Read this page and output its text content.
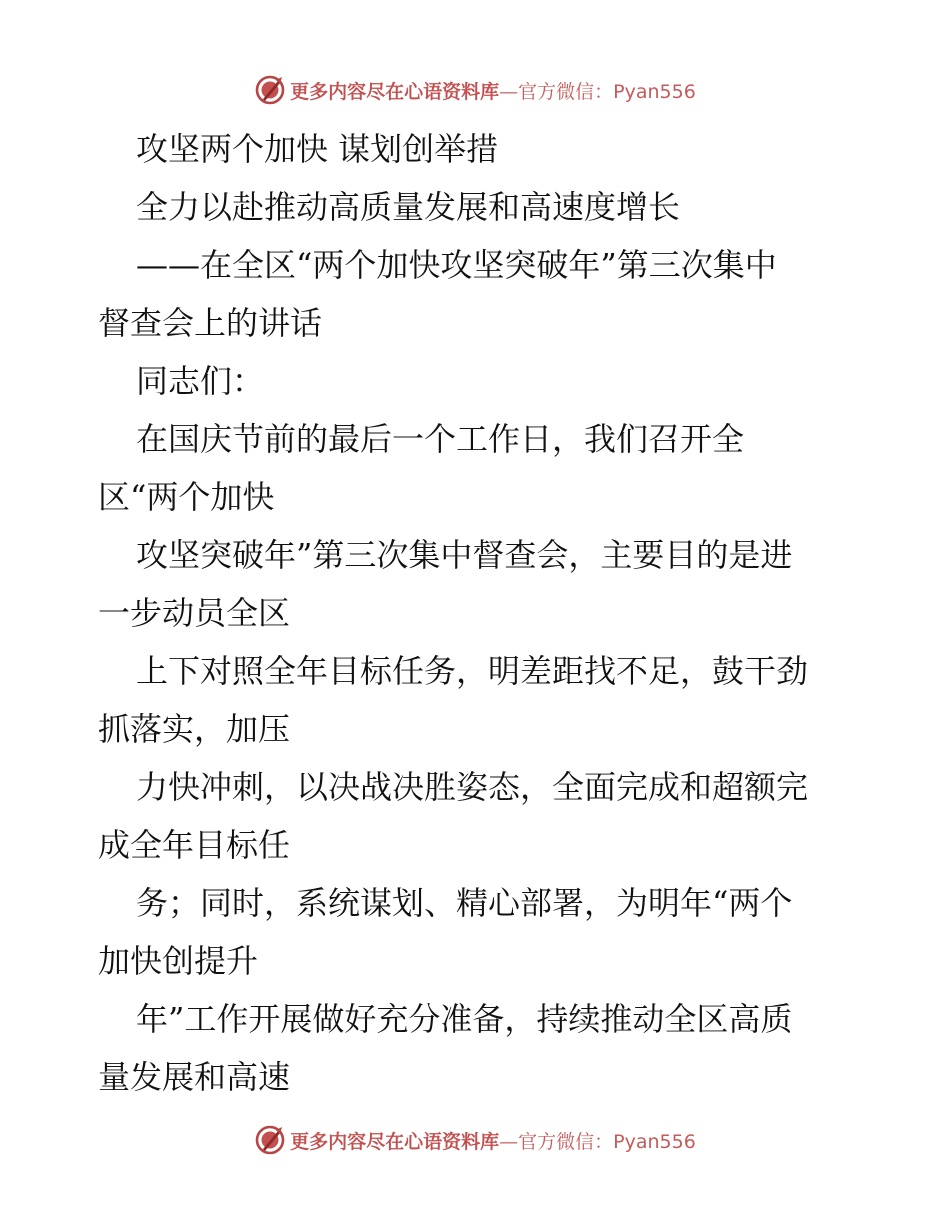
更多内容尽在心语资料库—官方微信：Pyan556
攻坚两个加快 谋划创举措
全力以赴推动高质量发展和高速度增长
——在全区“两个加快攻坚突破年”第三次集中
督查会上的讲话
同志们：
在国庆节前的最后一个工作日，我们召开全
区“两个加快
攻坚突破年”第三次集中督查会，主要目的是进
一步动员全区
上下对照全年目标任务，明差距找不足，鼓干劲
抓落实，加压
力快冲刺，以决战决胜姿态，全面完成和超额完
成全年目标任
务；同时，系统谋划、精心部署，为明年“两个
加快创提升
年”工作开展做好充分准备，持续推动全区高质
量发展和高速
更多内容尽在心语资料库—官方微信：Pyan556
